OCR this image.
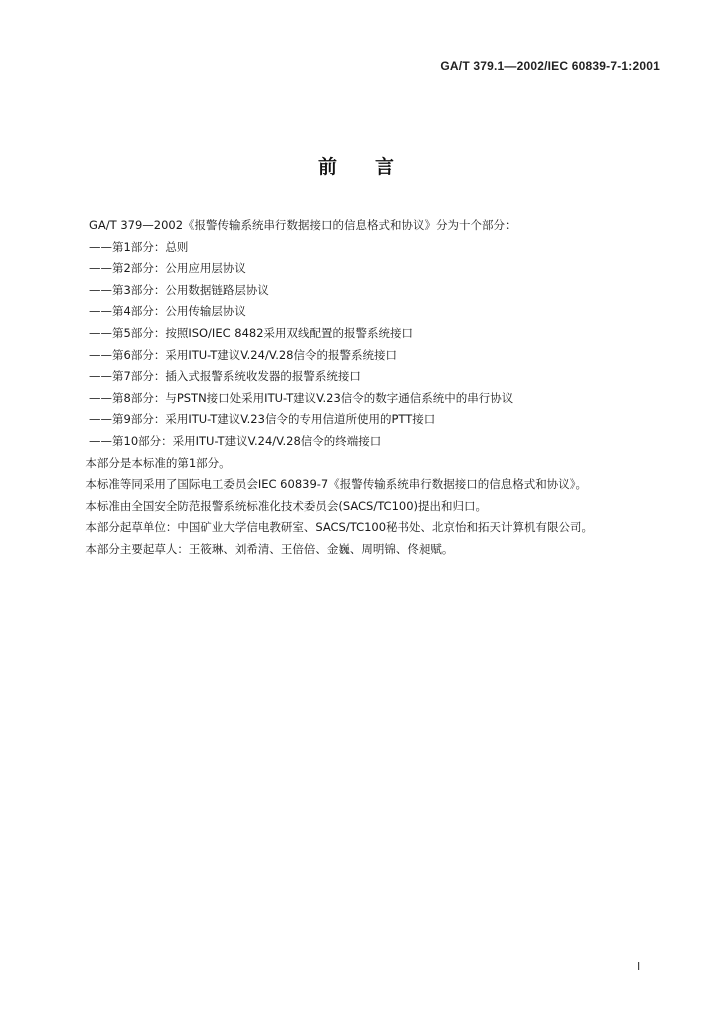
GA/T 379.1—2002/IEC 60839-7-1:2001
前言

GA/T 379—2002《报警传输系统串行数据接口的信息格式和协议》分为十个部分：

——第1部分：总则
——第2部分：公用应用层协议
——第3部分：公用数据链路层协议
——第4部分：公用传输层协议
——第5部分：按照ISO/IEC 8482采用双线配置的报警系统接口
——第6部分：采用ITU-T建议V.24/V.28信令的报警系统接口
——第7部分：插入式报警系统收发器的报警系统接口
——第8部分：与PSTN接口处采用ITU-T建议V.23信令的数字通信系统中的串行协议
——第9部分：采用ITU-T建议V.23信令的专用信道所使用的PTT接口
——第10部分：采用ITU-T建议V.24/V.28信令的终端接口

本部分是本标准的第1部分。

本标准等同采用了国际电工委员会IEC 60839-7《报警传输系统串行数据接口的信息格式和协议》。

本标准由全国安全防范报警系统标准化技术委员会(SACS/TC100)提出和归口。

本部分起草单位：中国矿业大学信电教研室、SACS/TC100秘书处、北京怡和拓天计算机有限公司。

本部分主要起草人：王筱琳、刘希清、王倍倍、金巍、周明锦、佟昶赋。

I
